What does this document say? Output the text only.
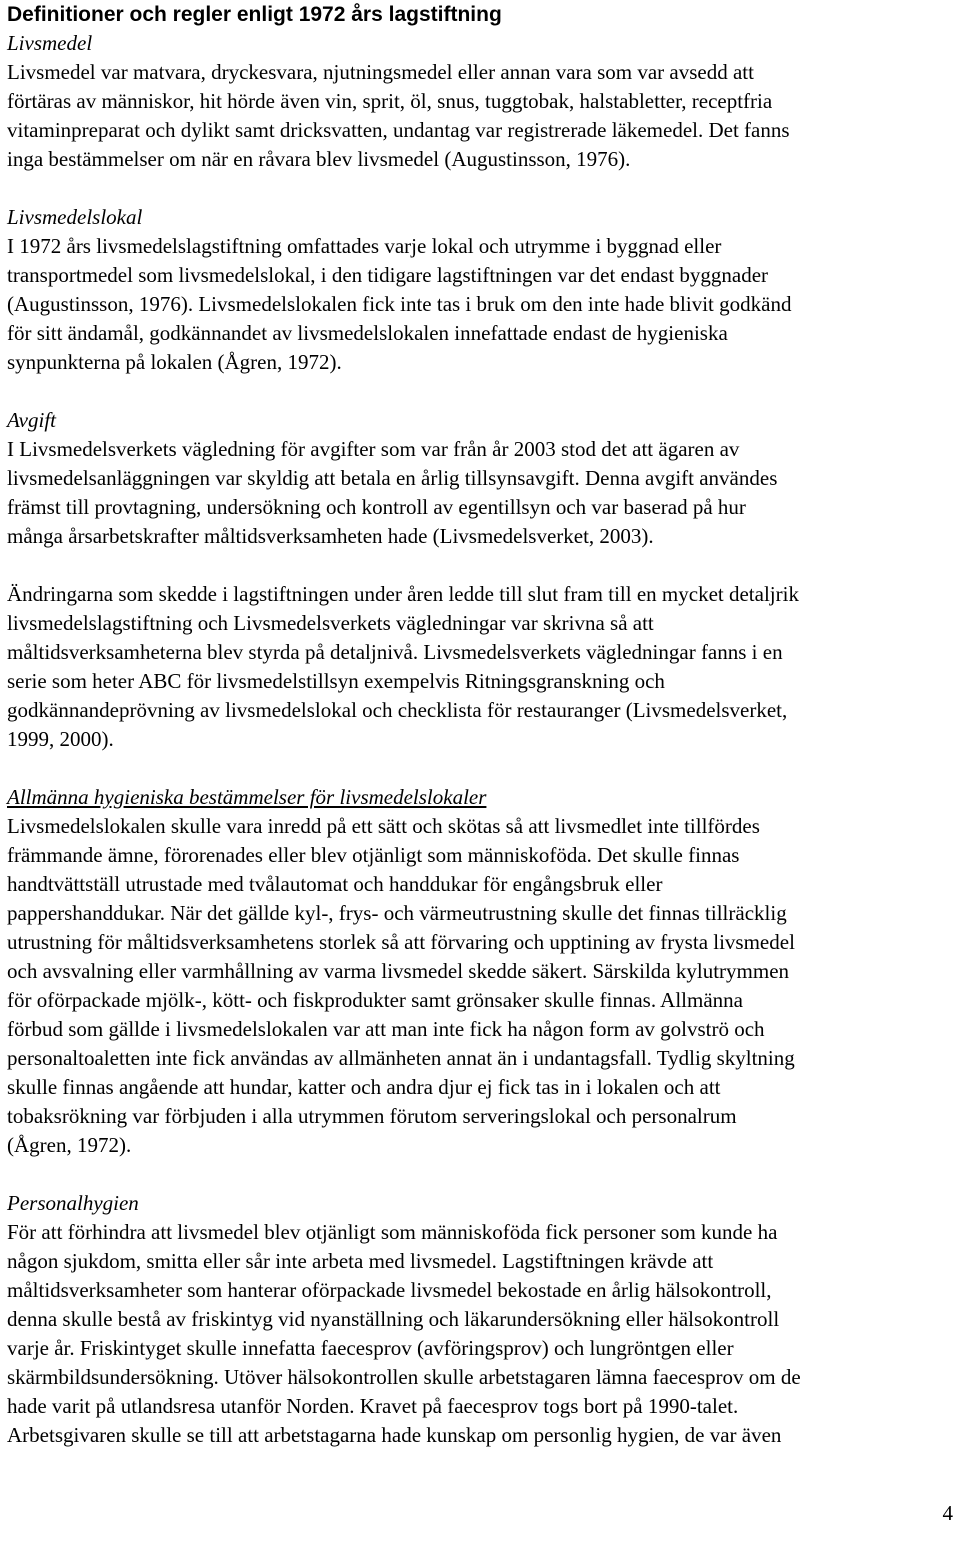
Definitioner och regler enligt 1972 års lagstiftning
Livsmedel

Livsmedel var matvara, dryckesvara, njutningsmedel eller annan vara som var avsedd att
förtäras av människor, hit hörde även vin, sprit, öl, snus, tuggtobak, halstabletter, receptfria
vitaminpreparat och dylikt samt dricksvatten, undantag var registrerade läkemedel. Det fanns
inga bestämmelser om när en råvara blev livsmedel (Augustinsson, 1976).

Livsmedelslokal

I 1972 års livsmedelslagstiftning omfattades varje lokal och utrymme i byggnad eller
transportmedel som livsmedelslokal, i den tidigare lagstiftningen var det endast byggnader
(Augustinsson, 1976). Livsmedelslokalen fick inte tas i bruk om den inte hade blivit godkänd
för sitt ändamål, godkännandet av livsmedelslokalen innefattade endast de hygieniska
synpunkterna på lokalen (Ågren, 1972).

Avgift

I Livsmedelsverkets vägledning för avgifter som var från år 2003 stod det att ägaren av
livsmedelsanläggningen var skyldig att betala en årlig tillsynsavgift. Denna avgift användes
främst till provtagning, undersökning och kontroll av egentillsyn och var baserad på hur
många årsarbetskrafter måltidsverksamheten hade (Livsmedelsverket, 2003).

Ändringarna som skedde i lagstiftningen under åren ledde till slut fram till en mycket detaljrik
livsmedelslagstiftning och Livsmedelsverkets vägledningar var skrivna så att
måltidsverksamheterna blev styrda på detaljnivå. Livsmedelsverkets vägledningar fanns i en
serie som heter ABC för livsmedelstillsyn exempelvis Ritningsgranskning och
godkännandeprövning av livsmedelslokal och checklista för restauranger (Livsmedelsverket,
1999, 2000).

Allmänna hygieniska bestämmelser för livsmedelslokaler

Livsmedelslokalen skulle vara inredd på ett sätt och skötas så att livsmedlet inte tillfördes
främmande ämne, förorenades eller blev otjänligt som människoföda. Det skulle finnas
handtvättställ utrustade med tvålautomat och handdukar för engångsbruk eller
pappershanddukar. När det gällde kyl-, frys- och värmeutrustning skulle det finnas tillräcklig
utrustning för måltidsverksamhetens storlek så att förvaring och upptining av frysta livsmedel
och avsvalning eller varmhållning av varma livsmedel skedde säkert. Särskilda kylutrymmen
för oförpackade mjölk-, kött- och fiskprodukter samt grönsaker skulle finnas. Allmänna
förbud som gällde i livsmedelslokalen var att man inte fick ha någon form av golvströ och
personaltoaletten inte fick användas av allmänheten annat än i undantagsfall. Tydlig skyltning
skulle finnas angående att hundar, katter och andra djur ej fick tas in i lokalen och att
tobaksrökning var förbjuden i alla utrymmen förutom serveringslokal och personalrum
(Ågren, 1972).

Personalhygien

För att förhindra att livsmedel blev otjänligt som människoföda fick personer som kunde ha
någon sjukdom, smitta eller sår inte arbeta med livsmedel. Lagstiftningen krävde att
måltidsverksamheter som hanterar oförpackade livsmedel bekostade en årlig hälsokontroll,
denna skulle bestå av friskintyg vid nyanställning och läkarundersökning eller hälsokontroll
varje år. Friskintyget skulle innefatta faecesprov (avföringsprov) och lungröntgen eller
skärmbildsundersökning. Utöver hälsokontrollen skulle arbetstagaren lämna faecesprov om de
hade varit på utlandsresa utanför Norden. Kravet på faecesprov togs bort på 1990-talet.
Arbetsgivaren skulle se till att arbetstagarna hade kunskap om personlig hygien, de var även

4
